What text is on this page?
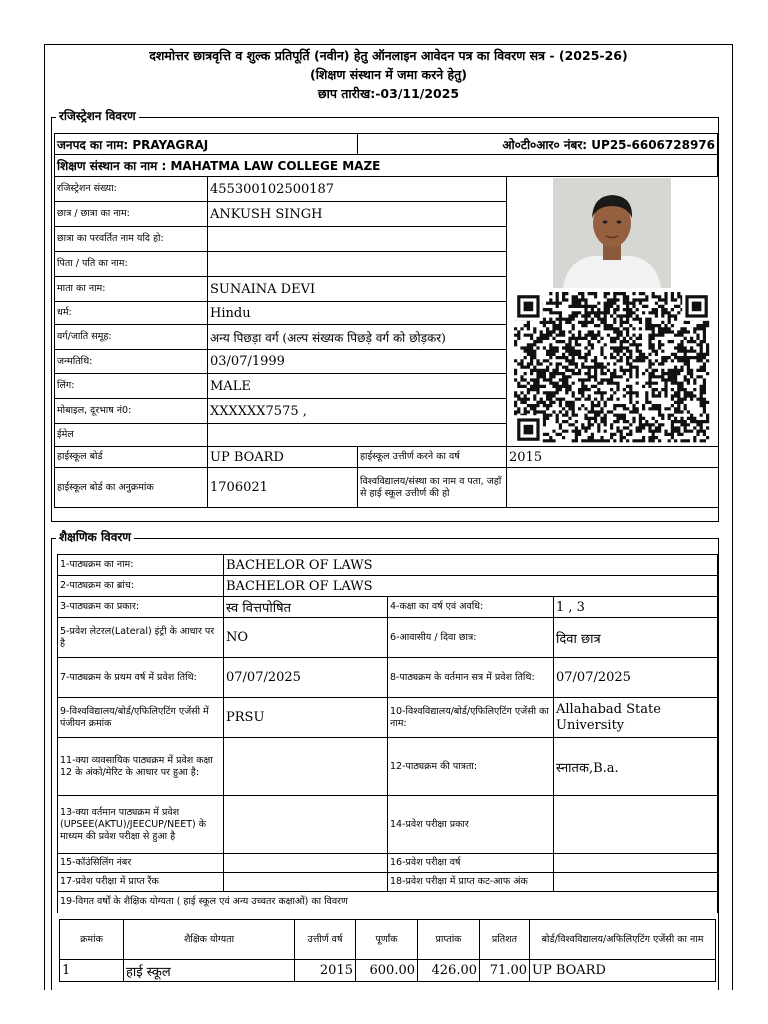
दशमोत्तर छात्रवृत्ति व शुल्क प्रतिपूर्ति (नवीन) हेतु ऑनलाइन आवेदन पत्र का विवरण सत्र - (2025-26)
(शिक्षण संस्थान में जमा करने हेतु)
छाप तारीख:-03/11/2025
रजिस्ट्रेशन विवरण
जनपद का नाम: PRAYAGRAJ	ओ०टी०आर० नंबर: UP25-6606728976
शिक्षण संस्थान का नाम : MAHATMA LAW COLLEGE MAZE
रजिस्ट्रेशन संख्या:	455300102500187		
छात्र / छात्रा का नाम:	ANKUSH SINGH		
छात्रा का परवर्तित नाम यदि हो:			
पिता / पति का नाम:			
माता का नाम:	SUNAINA DEVI		
धर्म:	Hindu		
वर्ग/जाति समूह:	अन्य पिछड़ा वर्ग (अल्प संख्यक पिछड़े वर्ग को छोड़कर)		
जन्मतिथि:	03/07/1999		
लिंग:	MALE		
मोबाइल, दूरभाष नं0:	XXXXXX7575 ,		
ईमेल			
हाईस्कूल बोर्ड	UP BOARD	हाईस्कूल उत्तीर्ण करने का वर्ष	2015
हाईस्कूल बोर्ड का अनुक्रमांक	1706021	विश्वविद्यालय/संस्था का नाम व पता, जहाँ से हाई स्कूल उत्तीर्ण की हो	
शैक्षणिक विवरण
1-पाठ्यक्रम का नाम:	BACHELOR OF LAWS		
2-पाठ्यक्रम का ब्रांच:	BACHELOR OF LAWS		
3-पाठ्यक्रम का प्रकार:	स्व वित्तपोषित	4-कक्षा का वर्ष एवं अवधि:	1 , 3
5-प्रवेश लेटरल(Lateral) इंट्री के आधार पर है	NO	6-आवासीय / दिवा छात्र:	दिवा छात्र
7-पाठ्यक्रम के प्रथम वर्ष में प्रवेश तिथि:	07/07/2025	8-पाठ्यक्रम के वर्तमान सत्र में प्रवेश तिथि:	07/07/2025
9-विश्वविद्यालय/बोर्ड/एफिलिएटिंग एजेंसी में पंजीयन क्रमांक	PRSU	10-विश्वविद्यालय/बोर्ड/एफिलिएटिंग एजेंसी का नाम:	Allahabad State University
11-क्या व्यवसायिक पाठ्यक्रम में प्रवेश कक्षा 12 के अंको/मेरिट के आधार पर हुआ है:		12-पाठ्यक्रम की पात्रता:	स्नातक,B.a.
13-क्या वर्तमान पाठ्यक्रम में प्रवेश (UPSEE(AKTU)/JEECUP/NEET) के माध्यम की प्रवेश परीक्षा से हुआ है		14-प्रवेश परीक्षा प्रकार	
15-कॉउंसिलिंग नंबर		16-प्रवेश परीक्षा वर्ष	
17-प्रवेश परीक्षा में प्राप्त रैंक		18-प्रवेश परीक्षा में प्राप्त कट-आफ अंक	
19-विगत वर्षों के शैक्षिक योग्यता ( हाई स्कूल एवं अन्य उच्चतर कक्षाओं) का विवरण			
क्रमांक	शैक्षिक योग्यता	उत्तीर्ण वर्ष	पूर्णांक	प्राप्तांक	प्रतिशत	बोर्ड/विश्वविद्यालय/अफिलिएटिंग एजेंसी का नाम
1	हाई स्कूल	2015	600.00	426.00	71.00	UP BOARD
